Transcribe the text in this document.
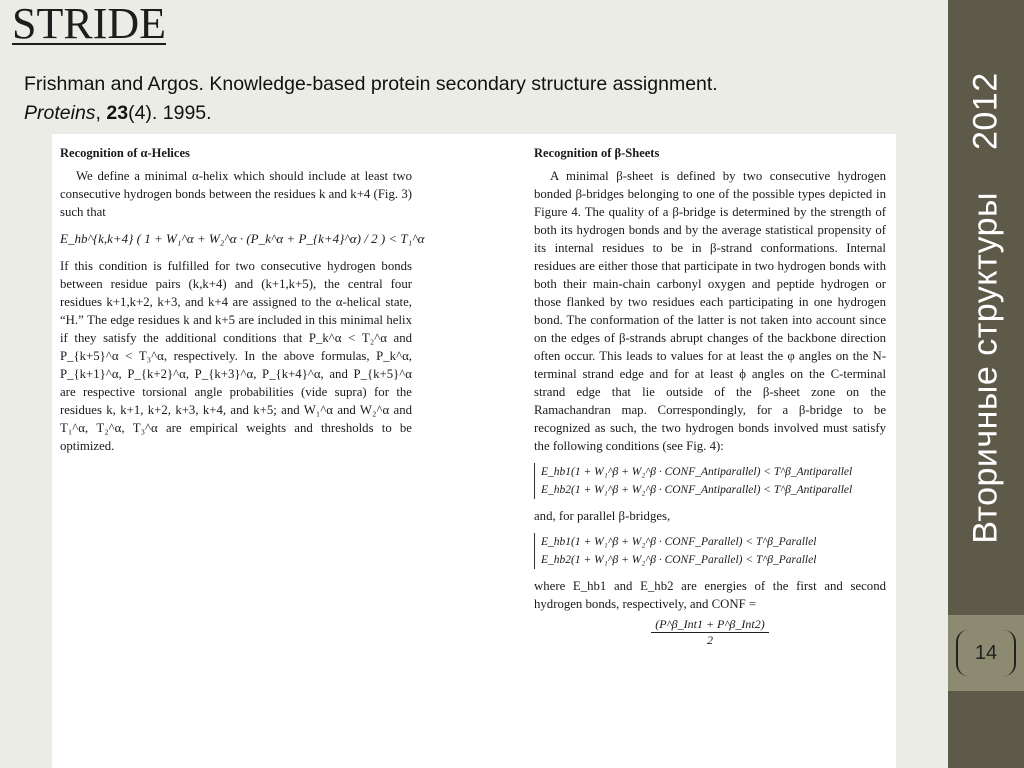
STRIDE
Frishman and Argos. Knowledge-based protein secondary structure assignment. Proteins, 23(4). 1995.
Recognition of α-Helices

We define a minimal α-helix which should include at least two consecutive hydrogen bonds between the residues k and k+4 (Fig. 3) such that

E_hb^{k,k+4} ( 1 + W₁^α + W₂^α · (P_k^α + P_{k+4}^α) / 2 ) < T₁^α

If this condition is fulfilled for two consecutive hydrogen bonds between residue pairs (k,k+4) and (k+1,k+5), the central four residues k+1,k+2, k+3, and k+4 are assigned to the α-helical state, “H.” The edge residues k and k+5 are included in this minimal helix if they satisfy the additional conditions that P_k^α < T₂^α and P_{k+5}^α < T₃^α, respectively. In the above formulas, P_k^α, P_{k+1}^α, P_{k+2}^α, P_{k+3}^α, P_{k+4}^α, and P_{k+5}^α are respective torsional angle probabilities (vide supra) for the residues k, k+1, k+2, k+3, k+4, and k+5; and W₁^α and W₂^α and T₁^α, T₂^α, T₃^α are empirical weights and thresholds to be optimized.

Recognition of β-Sheets

A minimal β-sheet is defined by two consecutive hydrogen bonded β-bridges belonging to one of the possible types depicted in Figure 4. The quality of a β-bridge is determined by the strength of both its hydrogen bonds and by the average statistical propensity of its internal residues to be in β-strand conformations. Internal residues are either those that participate in two hydrogen bonds with both their main-chain carbonyl oxygen and peptide hydrogen or those flanked by two residues each participating in one hydrogen bond. The conformation of the latter is not taken into account since on the edges of β-strands abrupt changes of the backbone direction often occur. This leads to values for at least the φ angles on the N-terminal strand edge and for at least ϕ angles on the C-terminal strand edge that lie outside of the β-sheet zone on the Ramachandran map. Correspondingly, for a β-bridge to be recognized as such, the two hydrogen bonds involved must satisfy the following conditions (see Fig. 4):

E_hb1(1 + W₁^β + W₂^β · CONF_Antiparallel) < T^β_Antiparallel
E_hb2(1 + W₁^β + W₂^β · CONF_Antiparallel) < T^β_Antiparallel

and, for parallel β-bridges,

E_hb1(1 + W₁^β + W₂^β · CONF_Parallel) < T^β_Parallel
E_hb2(1 + W₁^β + W₂^β · CONF_Parallel) < T^β_Parallel

where E_hb1 and E_hb2 are energies of the first and second hydrogen bonds, respectively, and CONF =

(P^β_Int1 + P^β_Int2)
2
Вторичные структуры2012
14
